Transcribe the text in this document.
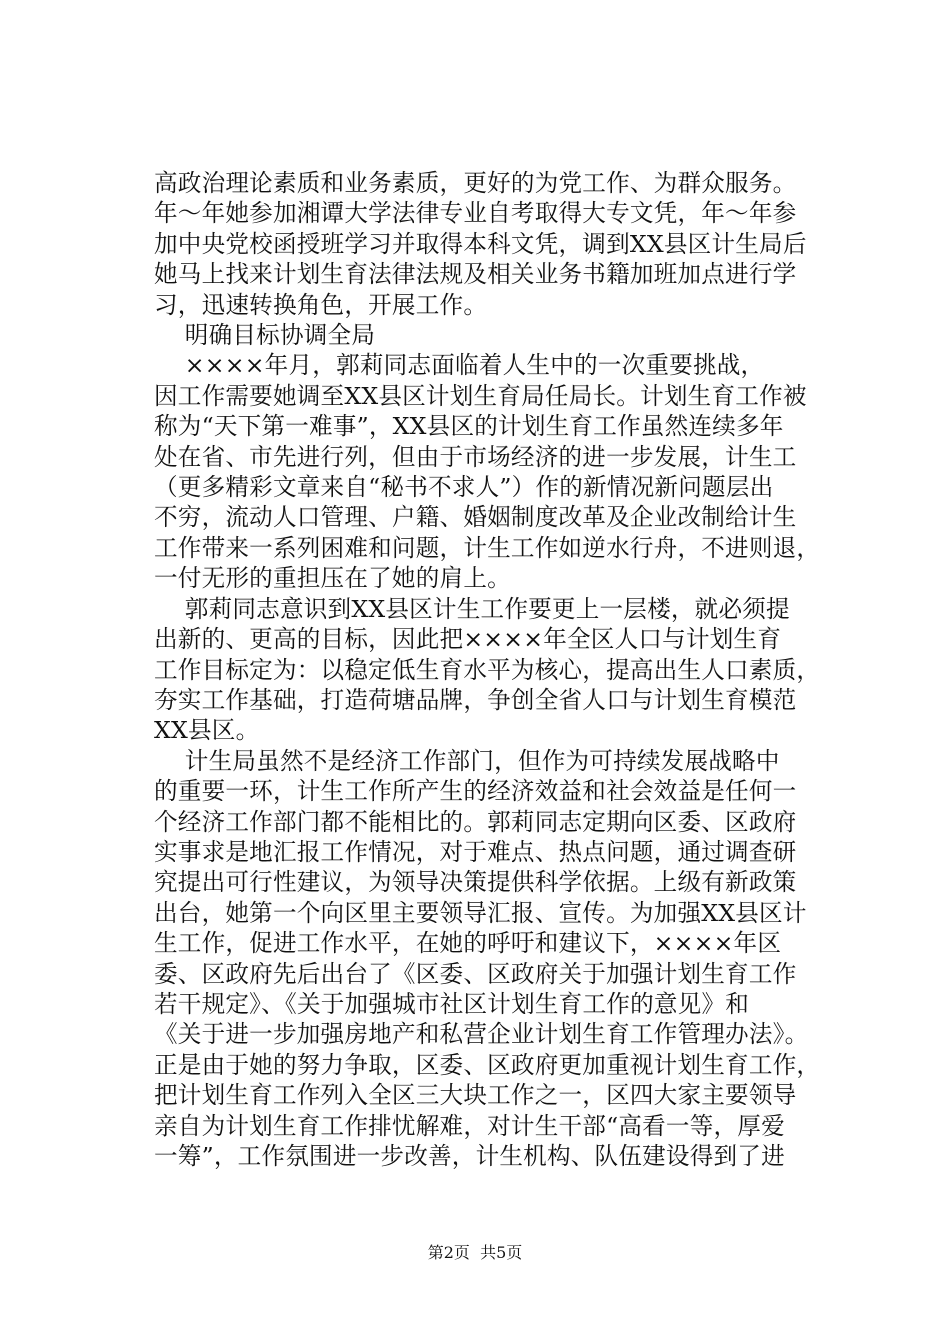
高政治理论素质和业务素质，更好的为党工作、为群众服务。
年～年她参加湘谭大学法律专业自考取得大专文凭，年～年参
加中央党校函授班学习并取得本科文凭，调到XX县区计生局后
她马上找来计划生育法律法规及相关业务书籍加班加点进行学
习，迅速转换角色，开展工作。
明确目标协调全局
××××年月，郭莉同志面临着人生中的一次重要挑战，
因工作需要她调至XX县区计划生育局任局长。计划生育工作被
称为“天下第一难事”，XX县区的计划生育工作虽然连续多年
处在省、市先进行列，但由于市场经济的进一步发展，计生工
（更多精彩文章来自“秘书不求人”）作的新情况新问题层出
不穷，流动人口管理、户籍、婚姻制度改革及企业改制给计生
工作带来一系列困难和问题，计生工作如逆水行舟，不进则退，
一付无形的重担压在了她的肩上。
郭莉同志意识到XX县区计生工作要更上一层楼，就必须提
出新的、更高的目标，因此把××××年全区人口与计划生育
工作目标定为：以稳定低生育水平为核心，提高出生人口素质，
夯实工作基础，打造荷塘品牌，争创全省人口与计划生育模范
XX县区。
计生局虽然不是经济工作部门，但作为可持续发展战略中
的重要一环，计生工作所产生的经济效益和社会效益是任何一
个经济工作部门都不能相比的。郭莉同志定期向区委、区政府
实事求是地汇报工作情况，对于难点、热点问题，通过调查研
究提出可行性建议，为领导决策提供科学依据。上级有新政策
出台，她第一个向区里主要领导汇报、宣传。为加强XX县区计
生工作，促进工作水平，在她的呼吁和建议下，××××年区
委、区政府先后出台了《区委、区政府关于加强计划生育工作
若干规定》、《关于加强城市社区计划生育工作的意见》和
《关于进一步加强房地产和私营企业计划生育工作管理办法》。
正是由于她的努力争取，区委、区政府更加重视计划生育工作，
把计划生育工作列入全区三大块工作之一，区四大家主要领导
亲自为计划生育工作排忧解难，对计生干部“高看一等，厚爱
一筹”，工作氛围进一步改善，计生机构、队伍建设得到了进
第2页  共5页
